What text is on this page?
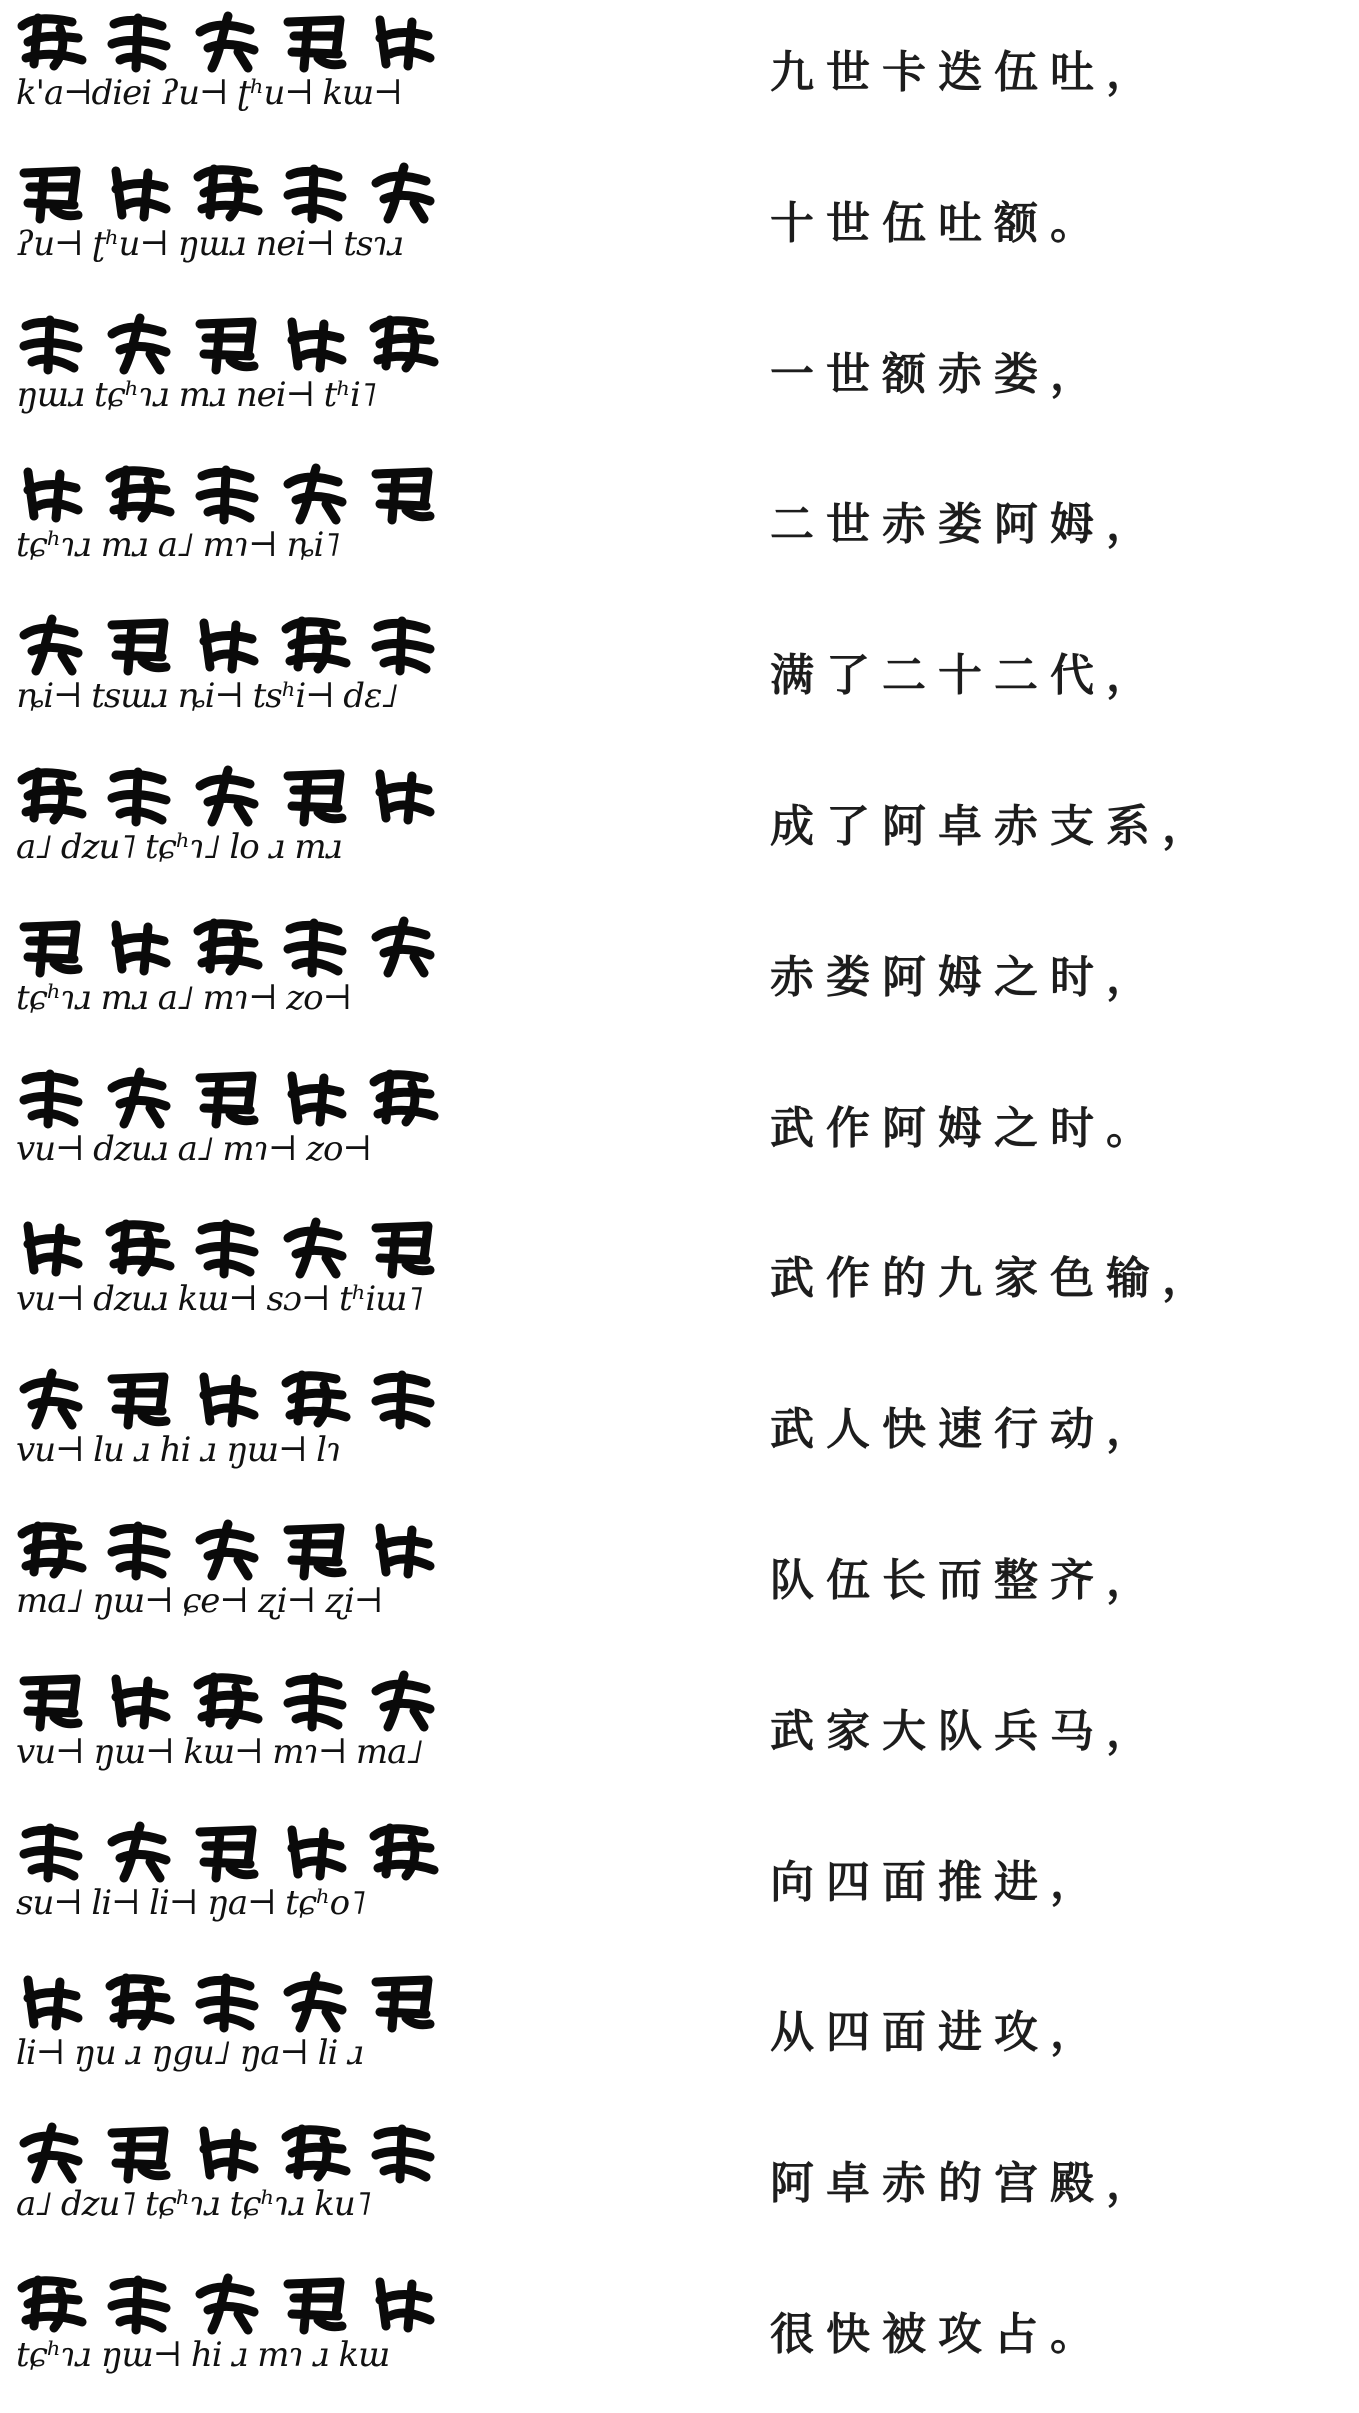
k'a⊣diei ʔu⊣ ʈʰu⊣ kɯ⊣	九世卡迭伍吐，
ʔu⊣ ʈʰu⊣ ŋɯɹ nei⊣ tsɿɹ	十世伍吐额。
ŋɯɹ tɕʰɿɹ mɹ nei⊣ tʰi˥	一世额赤娄，
tɕʰɿɹ mɹ a˩ mɿ⊣ ȵi˥	二世赤娄阿姆，
ȵi⊣ tsɯɹ ȵi⊣ tsʰi⊣ dɛ˩	满了二十二代，
a˩ dzu˥ tɕʰɿ˩ lo ɹ mɹ	成了阿卓赤支系，
tɕʰɿɹ mɹ a˩ mɿ⊣ zo⊣	赤娄阿姆之时，
vu⊣ dzuɹ a˩ mɿ⊣ zo⊣	武作阿姆之时。
vu⊣ dzuɹ kɯ⊣ sɔ⊣ tʰiɯ˥	武作的九家色输，
vu⊣ lu ɹ hi ɹ ŋɯ⊣ lɿ	武人快速行动，
ma˩ ŋɯ⊣ ɕe⊣ ʐi⊣ ʐi⊣	队伍长而整齐，
vu⊣ ŋɯ⊣ kɯ⊣ mɿ⊣ ma˩	武家大队兵马，
su⊣ li⊣ li⊣ ŋa⊣ tɕʰo˥	向四面推进，
li⊣ ŋu ɹ ŋgu˩ ŋa⊣ li ɹ	从四面进攻，
a˩ dzu˥ tɕʰɿɹ tɕʰɿɹ ku˥	阿卓赤的宫殿，
tɕʰɿɹ ŋɯ⊣ hi ɹ mɿ ɹ kɯ	很快被攻占。
